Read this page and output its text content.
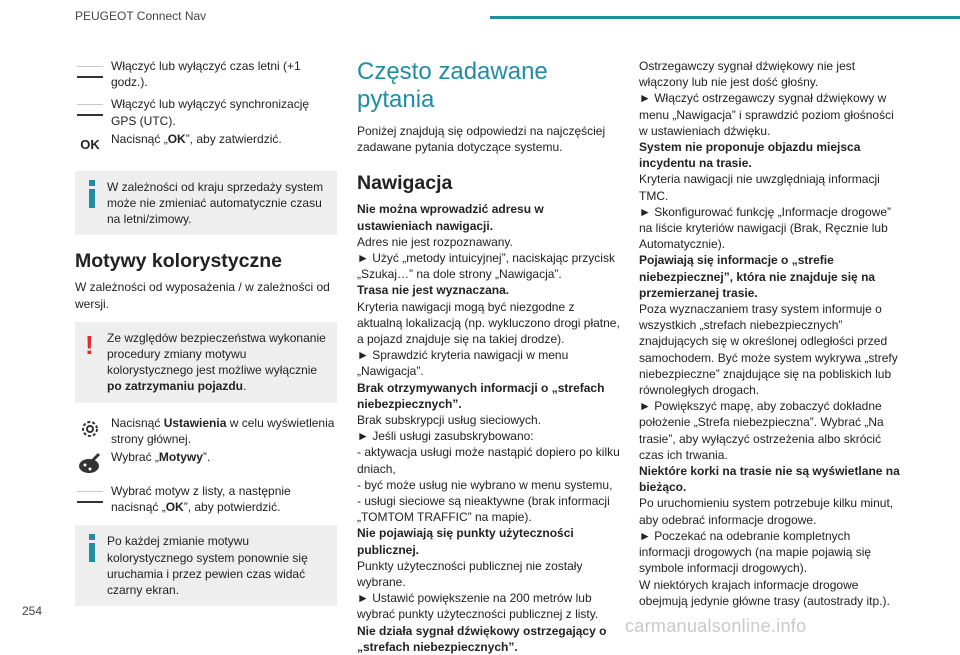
PEUGEOT Connect Nav

Włączyć lub wyłączyć czas letni (+1 godz.).

Włączyć lub wyłączyć synchronizację GPS (UTC).

OK Nacisnąć „OK”, aby zatwierdzić.

W zależności od kraju sprzedaży system może nie zmieniać automatycznie czasu na letni/zimowy.
Motywy kolorystyczne

W zależności od wyposażenia / w zależności od wersji.

!	Ze względów bezpieczeństwa wykonanie procedury zmiany motywu kolorystycznego jest możliwe wyłącznie po zatrzymaniu pojazdu.

Nacisnąć Ustawienia w celu wyświetlenia strony głównej.

Wybrać „Motywy”.

Wybrać motyw z listy, a następnie nacisnąć „OK”, aby potwierdzić.

Po każdej zmianie motywu kolorystycznego system ponownie się uruchamia i przez pewien czas widać czarny ekran.
Często zadawane pytania

Poniżej znajdują się odpowiedzi na najczęściej zadawane pytania dotyczące systemu.

Nawigacja

Nie można wprowadzić adresu w ustawieniach nawigacji.

Adres nie jest rozpoznawany.

► Użyć „metody intuicyjnej”, naciskając przycisk „Szukaj…” na dole strony „Nawigacja”.

Trasa nie jest wyznaczana.

Kryteria nawigacji mogą być niezgodne z aktualną lokalizacją (np. wykluczono drogi płatne, a pojazd znajduje się na takiej drodze).

► Sprawdzić kryteria nawigacji w menu „Nawigacja”.

Brak otrzymywanych informacji o „strefach niebezpiecznych”.

Brak subskrypcji usług sieciowych.

► Jeśli usługi zasubskrybowano:

- aktywacja usługi może nastąpić dopiero po kilku dniach,

- być może usług nie wybrano w menu systemu,

- usługi sieciowe są nieaktywne (brak informacji „TOMTOM TRAFFIC” na mapie).

Nie pojawiają się punkty użyteczności publicznej.

Punkty użyteczności publicznej nie zostały wybrane.

► Ustawić powiększenie na 200 metrów lub wybrać punkty użyteczności publicznej z listy.

Nie działa sygnał dźwiękowy ostrzegający o „strefach niebezpiecznych”.

Ostrzegawczy sygnał dźwiękowy nie jest włączony lub nie jest dość głośny.

► Włączyć ostrzegawczy sygnał dźwiękowy w menu „Nawigacja” i sprawdzić poziom głośności w ustawieniach dźwięku.

System nie proponuje objazdu miejsca incydentu na trasie.

Kryteria nawigacji nie uwzględniają informacji TMC.

► Skonfigurować funkcję „Informacje drogowe” na liście kryteriów nawigacji (Brak, Ręcznie lub Automatycznie).

Pojawiają się informacje o „strefie niebezpiecznej”, która nie znajduje się na przemierzanej trasie.

Poza wyznaczaniem trasy system informuje o wszystkich „strefach niebezpiecznych” znajdujących się w określonej odległości przed samochodem. Być może system wykrywa „strefy niebezpieczne” znajdujące się na pobliskich lub równoległych drogach.

► Powiększyć mapę, aby zobaczyć dokładne położenie „Strefa niebezpieczna”. Wybrać „Na trasie”, aby wyłączyć ostrzeżenia albo skrócić czas ich trwania.

Niektóre korki na trasie nie są wyświetlane na bieżąco.

Po uruchomieniu system potrzebuje kilku minut, aby odebrać informacje drogowe.

► Poczekać na odebranie kompletnych informacji drogowych (na mapie pojawią się symbole informacji drogowych).

W niektórych krajach informacje drogowe obejmują jedynie główne trasy (autostrady itp.).

254
carmanualsonline.info
